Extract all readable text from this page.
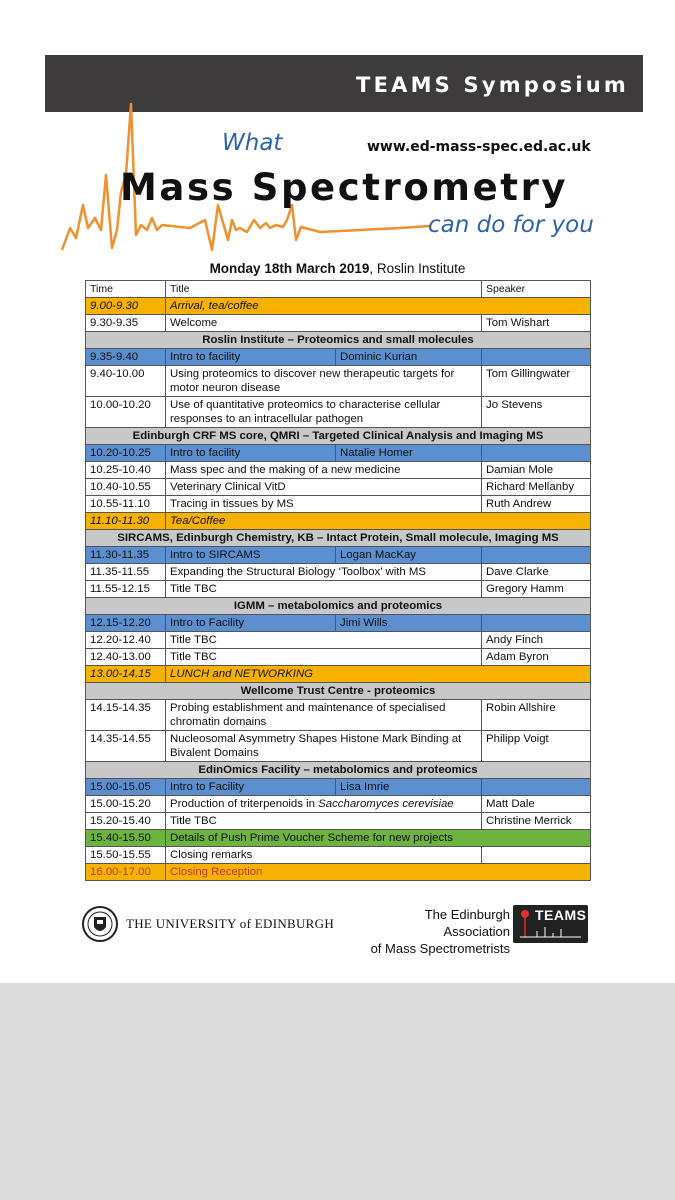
TEAMS Symposium
What	www.ed-mass-spec.ed.ac.uk
Mass Spectrometry
can do for you
Monday 18th March 2019, Roslin Institute
Time	Title		Speaker
9.00-9.30	Arrival, tea/coffee		
9.30-9.35	Welcome		Tom Wishart
Roslin Institute – Proteomics and small molecules			
9.35-9.40	Intro to facility	Dominic Kurian	
9.40-10.00	Using proteomics to discover new therapeutic targets for motor neuron disease		Tom Gillingwater
10.00-10.20	Use of quantitative proteomics to characterise cellular responses to an intracellular pathogen		Jo Stevens
Edinburgh CRF MS core, QMRI – Targeted Clinical Analysis and Imaging MS			
10.20-10.25	Intro to facility	Natalie Homer	
10.25-10.40	Mass spec and the making of a new medicine		Damian Mole
10.40-10.55	Veterinary Clinical VitD		Richard Mellanby
10.55-11.10	Tracing in tissues by MS		Ruth Andrew
11.10-11.30	Tea/Coffee		
SIRCAMS, Edinburgh Chemistry, KB – Intact Protein, Small molecule, Imaging MS			
11.30-11.35	Intro to SIRCAMS	Logan MacKay	
11.35-11.55	Expanding the Structural Biology ‘Toolbox’ with MS		Dave Clarke
11.55-12.15	Title TBC		Gregory Hamm
IGMM – metabolomics and proteomics			
12.15-12.20	Intro to Facility	Jimi Wills	
12.20-12.40	Title TBC		Andy Finch
12.40-13.00	Title TBC		Adam Byron
13.00-14.15	LUNCH and NETWORKING		
Wellcome Trust Centre - proteomics			
14.15-14.35	Probing establishment and maintenance of specialised chromatin domains		Robin Allshire
14.35-14.55	Nucleosomal Asymmetry Shapes Histone Mark Binding at Bivalent Domains		Philipp Voigt
EdinOmics Facility – metabolomics and proteomics			
15.00-15.05	Intro to Facility	Lisa Imrie	
15.00-15.20	Production of triterpenoids in Saccharomyces cerevisiae		Matt Dale
15.20-15.40	Title TBC		Christine Merrick
15.40-15.50	Details of Push Prime Voucher Scheme for new projects		
15.50-15.55	Closing remarks		
16.00-17.00	Closing Reception		
THE UNIVERSITY of EDINBURGH
The Edinburgh Association
of Mass Spectrometrists
TEAMS
